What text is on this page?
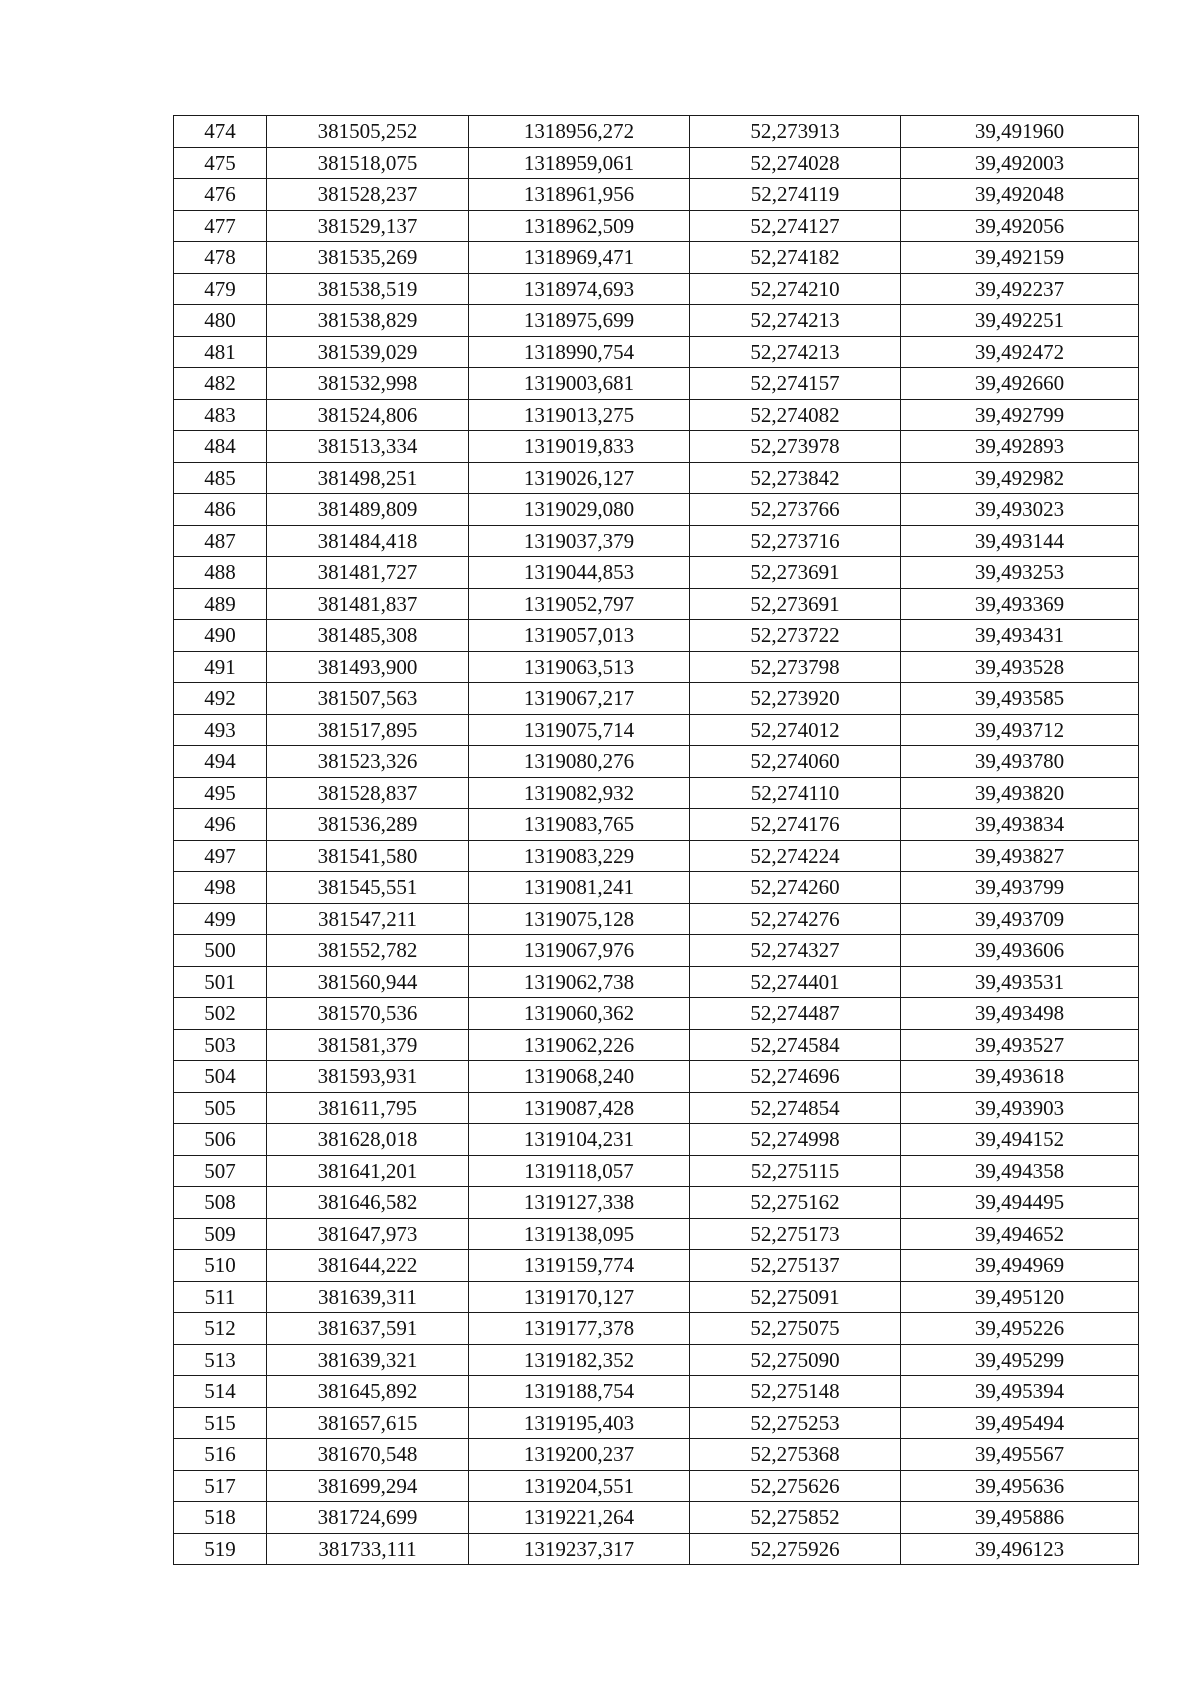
474	381505,252	1318956,272	52,273913	39,491960
475	381518,075	1318959,061	52,274028	39,492003
476	381528,237	1318961,956	52,274119	39,492048
477	381529,137	1318962,509	52,274127	39,492056
478	381535,269	1318969,471	52,274182	39,492159
479	381538,519	1318974,693	52,274210	39,492237
480	381538,829	1318975,699	52,274213	39,492251
481	381539,029	1318990,754	52,274213	39,492472
482	381532,998	1319003,681	52,274157	39,492660
483	381524,806	1319013,275	52,274082	39,492799
484	381513,334	1319019,833	52,273978	39,492893
485	381498,251	1319026,127	52,273842	39,492982
486	381489,809	1319029,080	52,273766	39,493023
487	381484,418	1319037,379	52,273716	39,493144
488	381481,727	1319044,853	52,273691	39,493253
489	381481,837	1319052,797	52,273691	39,493369
490	381485,308	1319057,013	52,273722	39,493431
491	381493,900	1319063,513	52,273798	39,493528
492	381507,563	1319067,217	52,273920	39,493585
493	381517,895	1319075,714	52,274012	39,493712
494	381523,326	1319080,276	52,274060	39,493780
495	381528,837	1319082,932	52,274110	39,493820
496	381536,289	1319083,765	52,274176	39,493834
497	381541,580	1319083,229	52,274224	39,493827
498	381545,551	1319081,241	52,274260	39,493799
499	381547,211	1319075,128	52,274276	39,493709
500	381552,782	1319067,976	52,274327	39,493606
501	381560,944	1319062,738	52,274401	39,493531
502	381570,536	1319060,362	52,274487	39,493498
503	381581,379	1319062,226	52,274584	39,493527
504	381593,931	1319068,240	52,274696	39,493618
505	381611,795	1319087,428	52,274854	39,493903
506	381628,018	1319104,231	52,274998	39,494152
507	381641,201	1319118,057	52,275115	39,494358
508	381646,582	1319127,338	52,275162	39,494495
509	381647,973	1319138,095	52,275173	39,494652
510	381644,222	1319159,774	52,275137	39,494969
511	381639,311	1319170,127	52,275091	39,495120
512	381637,591	1319177,378	52,275075	39,495226
513	381639,321	1319182,352	52,275090	39,495299
514	381645,892	1319188,754	52,275148	39,495394
515	381657,615	1319195,403	52,275253	39,495494
516	381670,548	1319200,237	52,275368	39,495567
517	381699,294	1319204,551	52,275626	39,495636
518	381724,699	1319221,264	52,275852	39,495886
519	381733,111	1319237,317	52,275926	39,496123
